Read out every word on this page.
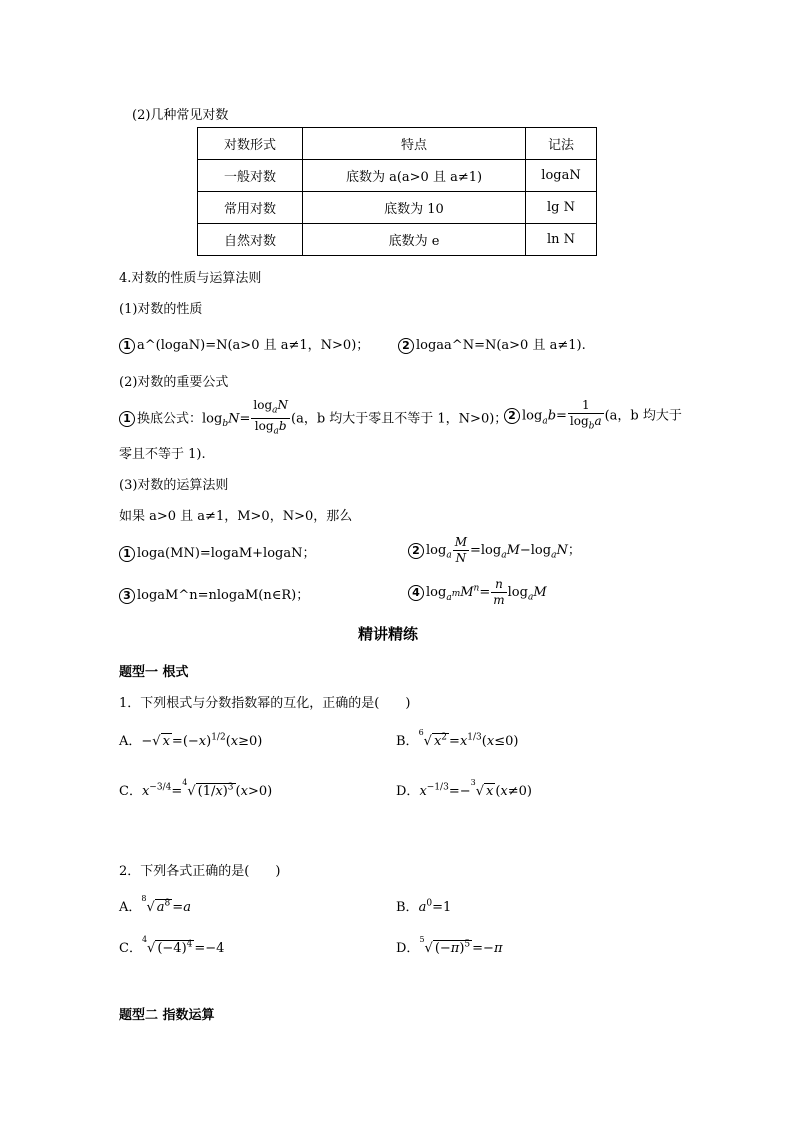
(2)几种常见对数
对数形式	特点	记法
一般对数	底数为 a(a>0 且 a≠1)	logaN
常用对数	底数为 10	lg N
自然对数	底数为 e	ln N
4.对数的性质与运算法则
(1)对数的性质
1 a^(logaN)=N(a>0 且 a≠1，N>0)；	2 logaa^N=N(a>0 且 a≠1).
(2)对数的重要公式
1 换底公式：$\log_bN= \frac{\log_aN}{\log_ab} (a$，b 均大于零且不等于 1，N>0)； 2 $\log_ab= \frac{1}{\log_ba} (a$，b 均大于
零且不等于 1).
(3)对数的运算法则
如果 a>0 且 a≠1，M>0，N>0，那么
1 loga(MN)=logaM+logaN；	2 $\log_a \frac{M}{N} =\log_aM-\log_aN$；
3 logaM^n=nlogaM(n∈R)；	4 $\log_{a^m}M^n= \frac{n}{m} \log_aM$
精讲精练
题型一 根式
1．下列根式与分数指数幂的互化，正确的是(　　)
A．−√ $x =(-x)^{1/2}(x\ge 0)$	B．$^6$√ $x^2 =x^{1/3}(x\le 0)$
C．$x^{-3/4}=^4√$ $(1/x)^3$ (x>0)	D．$x^{-1/3}=-^3√$ x (x≠0)
2．下列各式正确的是(　　)
A．$^8$√ $a^8 =a$	B．$a^0=1$
C．$^4$√ $(-4)^4 =-4$	D．$^5$√ $(-\pi)^5 =-\pi$
题型二 指数运算
